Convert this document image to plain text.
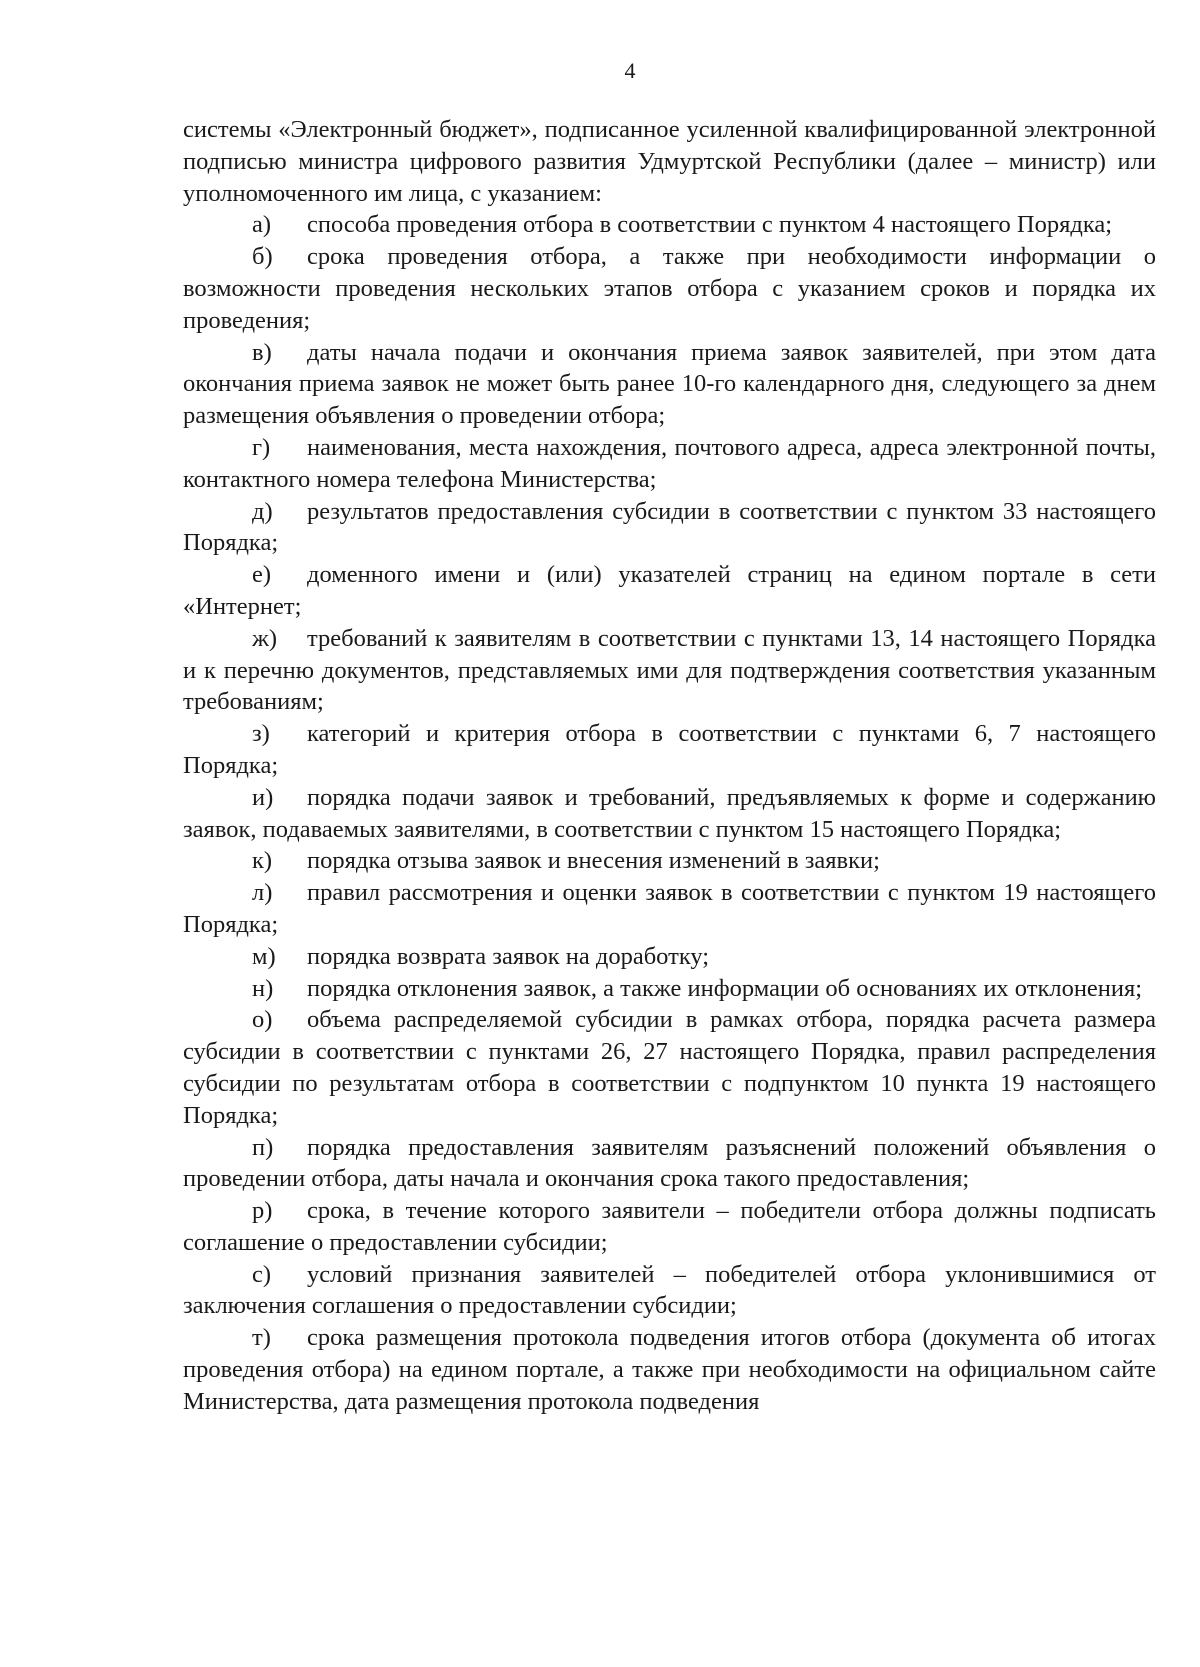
4

системы «Электронный бюджет», подписанное усиленной квалифицированной электронной подписью министра цифрового развития Удмуртской Республики (далее – министр) или уполномоченного им лица, с указанием:

а) способа проведения отбора в соответствии с пунктом 4 настоящего Порядка;

б) срока проведения отбора, а также при необходимости информации о возможности проведения нескольких этапов отбора с указанием сроков и порядка их проведения;

в) даты начала подачи и окончания приема заявок заявителей, при этом дата окончания приема заявок не может быть ранее 10-го календарного дня, следующего за днем размещения объявления о проведении отбора;

г) наименования, места нахождения, почтового адреса, адреса электронной почты, контактного номера телефона Министерства;

д) результатов предоставления субсидии в соответствии с пунктом 33 настоящего Порядка;

е) доменного имени и (или) указателей страниц на едином портале в сети «Интернет;

ж) требований к заявителям в соответствии с пунктами 13, 14 настоящего Порядка и к перечню документов, представляемых ими для подтверждения соответствия указанным требованиям;

з) категорий и критерия отбора в соответствии с пунктами 6, 7 настоящего Порядка;

и) порядка подачи заявок и требований, предъявляемых к форме и содержанию заявок, подаваемых заявителями, в соответствии с пунктом 15 настоящего Порядка;

к) порядка отзыва заявок и внесения изменений в заявки;

л) правил рассмотрения и оценки заявок в соответствии с пунктом 19 настоящего Порядка;

м) порядка возврата заявок на доработку;

н) порядка отклонения заявок, а также информации об основаниях их отклонения;

о) объема распределяемой субсидии в рамках отбора, порядка расчета размера субсидии в соответствии с пунктами 26, 27 настоящего Порядка, правил распределения субсидии по результатам отбора в соответствии с подпунктом 10 пункта 19 настоящего Порядка;

п) порядка предоставления заявителям разъяснений положений объявления о проведении отбора, даты начала и окончания срока такого предоставления;

р) срока, в течение которого заявители – победители отбора должны подписать соглашение о предоставлении субсидии;

с) условий признания заявителей – победителей отбора уклонившимися от заключения соглашения о предоставлении субсидии;

т) срока размещения протокола подведения итогов отбора (документа об итогах проведения отбора) на едином портале, а также при необходимости на официальном сайте Министерства, дата размещения протокола подведения
